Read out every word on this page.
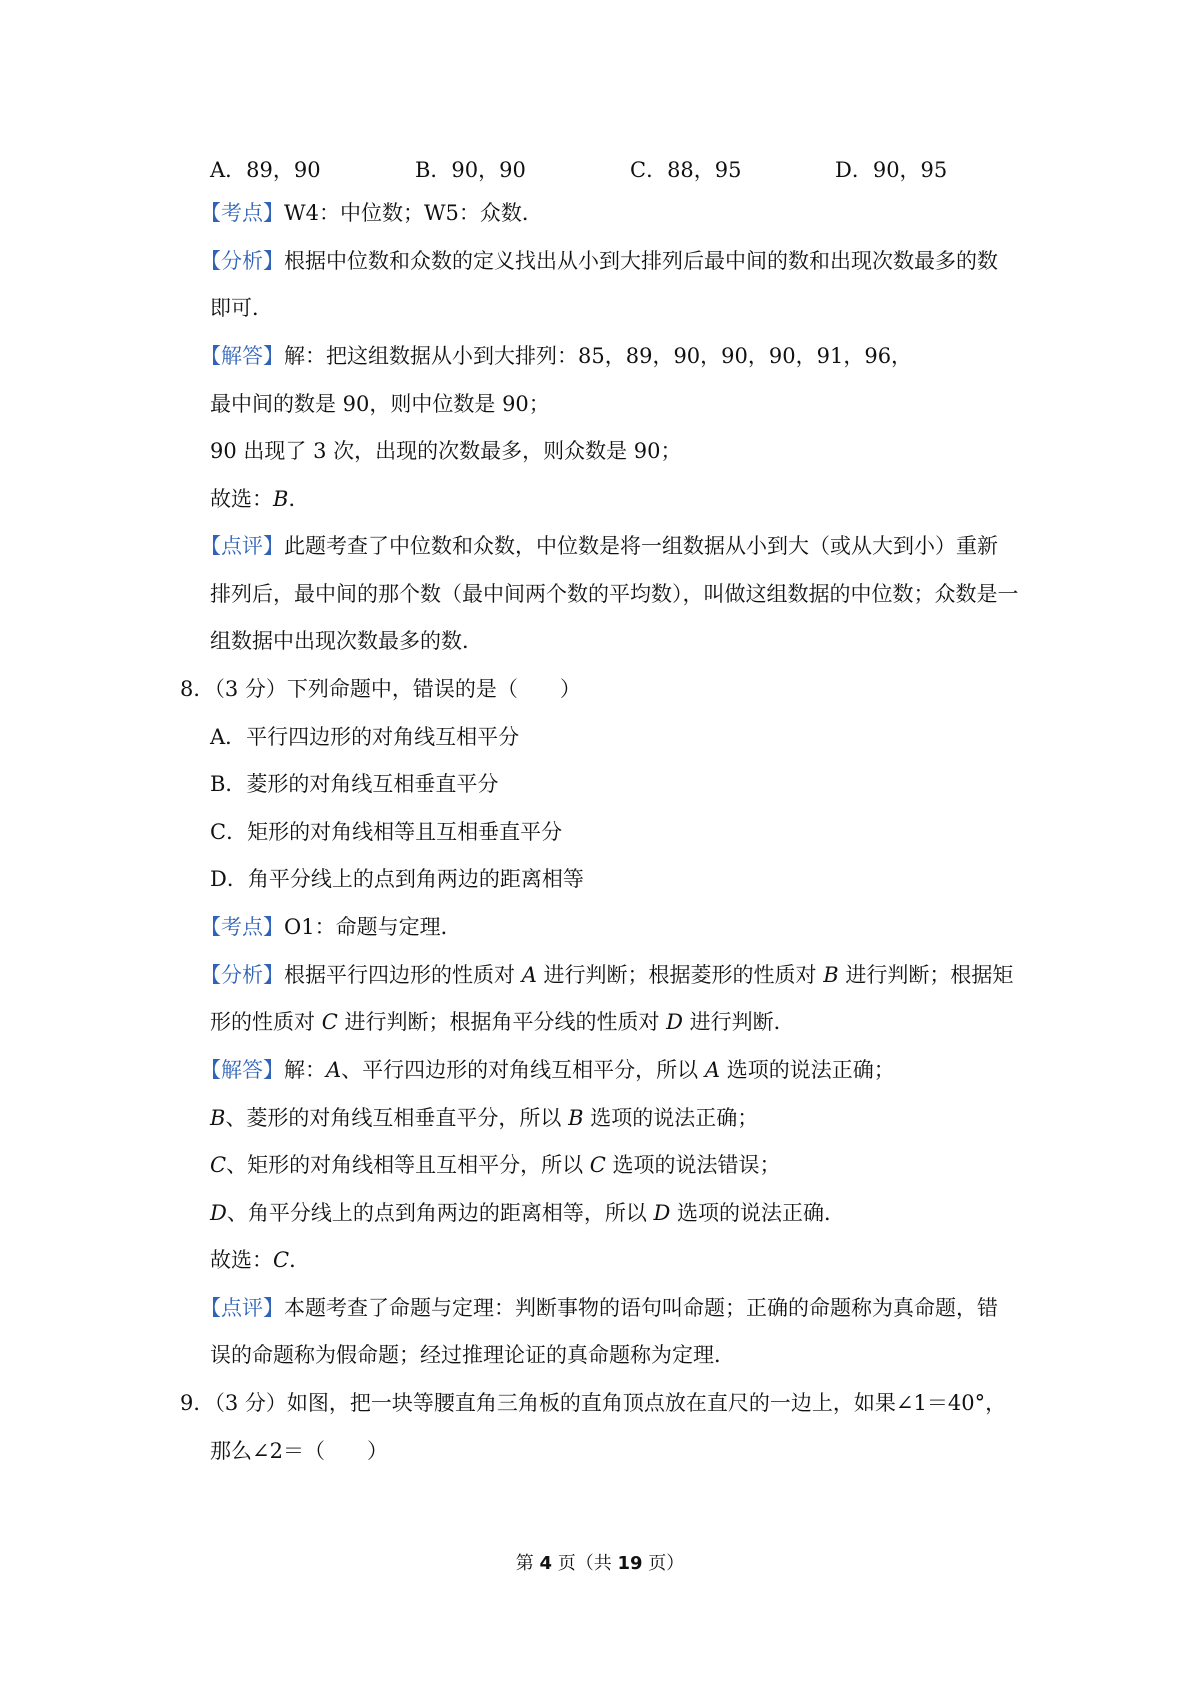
A．89，90	B．90，90	C．88，95	D．90，95
【考点】W4：中位数；W5：众数．
【分析】根据中位数和众数的定义找出从小到大排列后最中间的数和出现次数最多的数
即可．
【解答】解：把这组数据从小到大排列：85，89，90，90，90，91，96，
最中间的数是 90，则中位数是 90；
90 出现了 3 次，出现的次数最多，则众数是 90；
故选：B．
【点评】此题考查了中位数和众数，中位数是将一组数据从小到大（或从大到小）重新
排列后，最中间的那个数（最中间两个数的平均数），叫做这组数据的中位数；众数是一
组数据中出现次数最多的数．
8．（3 分）下列命题中，错误的是（　　）
A．平行四边形的对角线互相平分
B．菱形的对角线互相垂直平分
C．矩形的对角线相等且互相垂直平分
D．角平分线上的点到角两边的距离相等
【考点】O1：命题与定理．
【分析】根据平行四边形的性质对 A 进行判断；根据菱形的性质对 B 进行判断；根据矩
形的性质对 C 进行判断；根据角平分线的性质对 D 进行判断．
【解答】解：A、平行四边形的对角线互相平分，所以 A 选项的说法正确；
B、菱形的对角线互相垂直平分，所以 B 选项的说法正确；
C、矩形的对角线相等且互相平分，所以 C 选项的说法错误；
D、角平分线上的点到角两边的距离相等，所以 D 选项的说法正确．
故选：C．
【点评】本题考查了命题与定理：判断事物的语句叫命题；正确的命题称为真命题，错
误的命题称为假命题；经过推理论证的真命题称为定理．
9．（3 分）如图，把一块等腰直角三角板的直角顶点放在直尺的一边上，如果∠1＝40°，
那么∠2＝（　　）
第 4 页（共 19 页）
